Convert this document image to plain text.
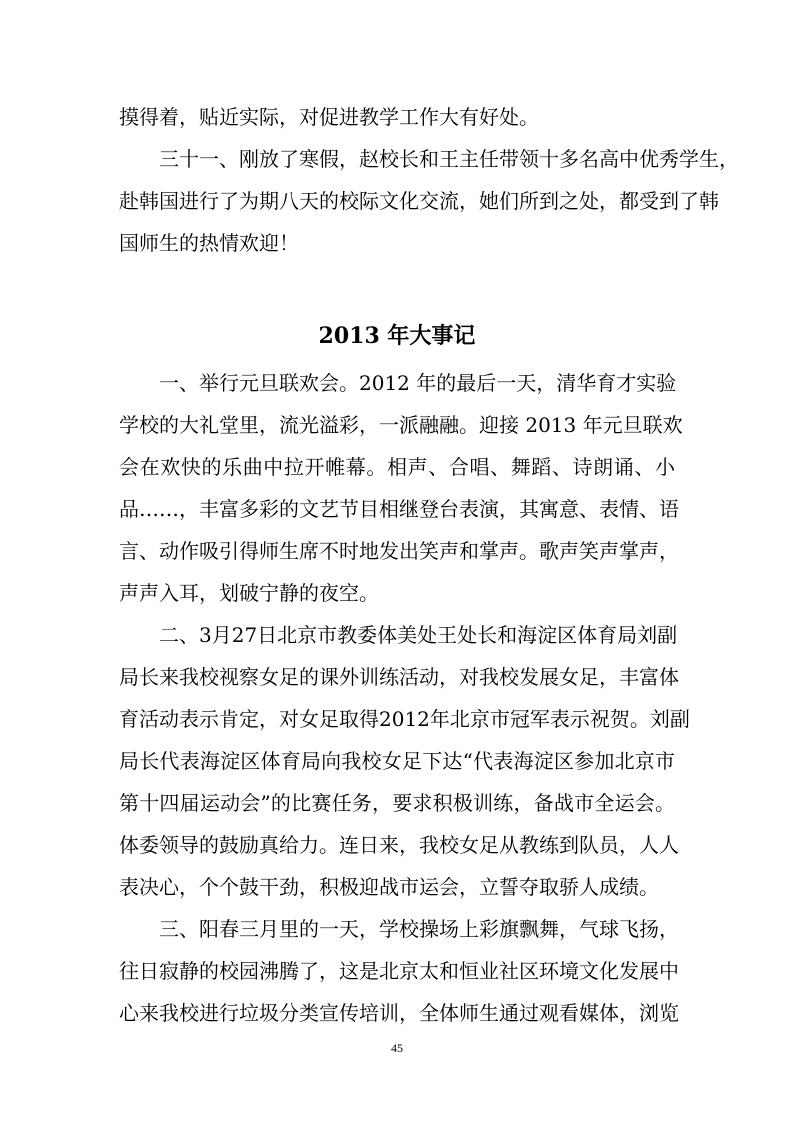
摸得着，贴近实际，对促进教学工作大有好处。
三十一、刚放了寒假，赵校长和王主任带领十多名高中优秀学生，
赴韩国进行了为期八天的校际文化交流，她们所到之处，都受到了韩
国师生的热情欢迎！
2013 年大事记
一、举行元旦联欢会。2012 年的最后一天，清华育才实验
学校的大礼堂里，流光溢彩，一派融融。迎接 2013 年元旦联欢
会在欢快的乐曲中拉开帷幕。相声、合唱、舞蹈、诗朗诵、小
品……，丰富多彩的文艺节目相继登台表演，其寓意、表情、语
言、动作吸引得师生席不时地发出笑声和掌声。歌声笑声掌声，
声声入耳，划破宁静的夜空。
二、3月27日北京市教委体美处王处长和海淀区体育局刘副
局长来我校视察女足的课外训练活动，对我校发展女足，丰富体
育活动表示肯定，对女足取得2012年北京市冠军表示祝贺。刘副
局长代表海淀区体育局向我校女足下达“代表海淀区参加北京市
第十四届运动会”的比赛任务，要求积极训练，备战市全运会。
体委领导的鼓励真给力。连日来，我校女足从教练到队员，人人
表决心，个个鼓干劲，积极迎战市运会，立誓夺取骄人成绩。
三、阳春三月里的一天，学校操场上彩旗飘舞，气球飞扬，
往日寂静的校园沸腾了，这是北京太和恒业社区环境文化发展中
心来我校进行垃圾分类宣传培训，全体师生通过观看媒体，浏览
45
